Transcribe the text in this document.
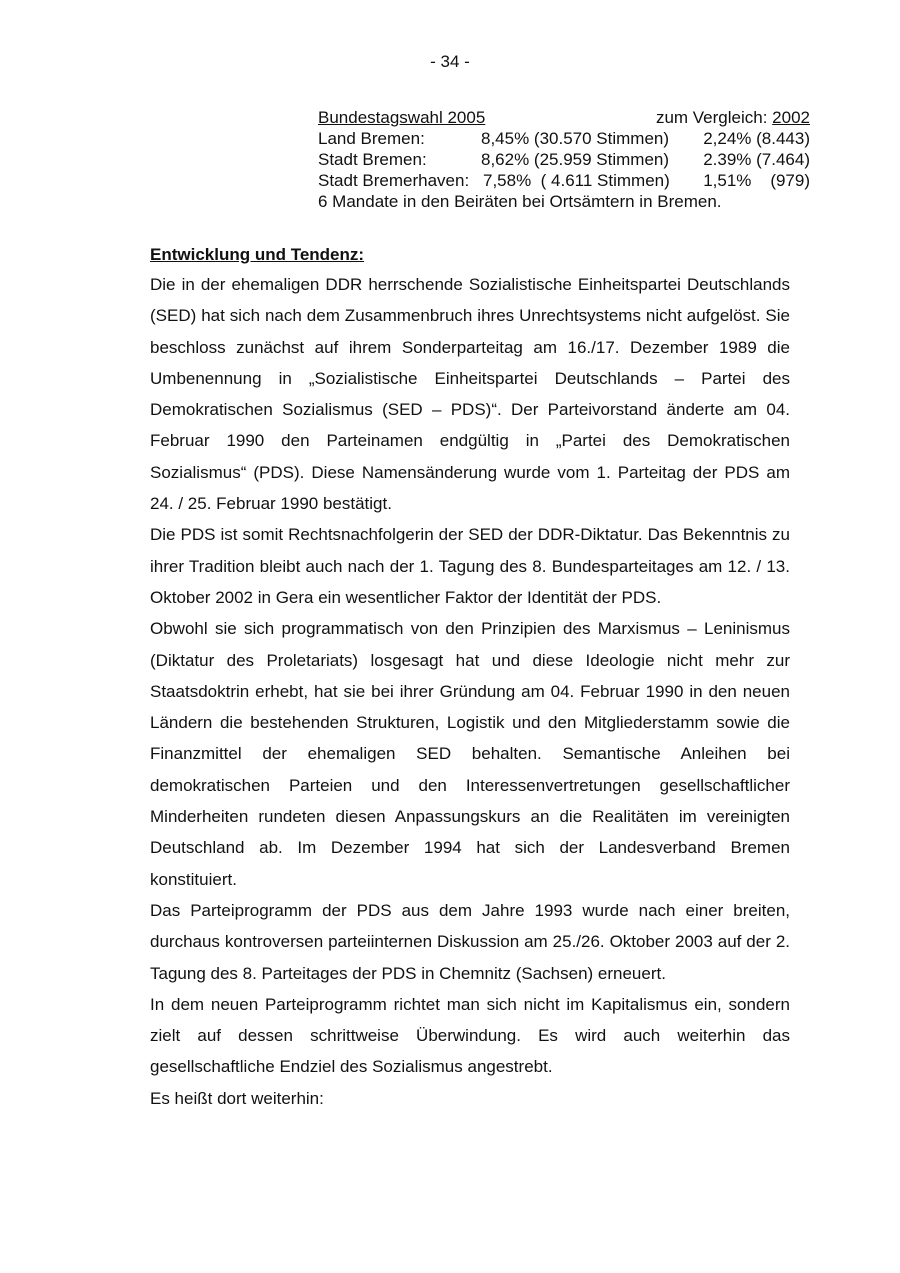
- 34 -
Bundestagswahl 2005	zum Vergleich: 2002
Land Bremen:	8,45% (30.570 Stimmen)	2,24% (8.443)
Stadt Bremen:	8,62% (25.959 Stimmen)	2.39% (7.464)
Stadt Bremerhaven: 7,58%  ( 4.611 Stimmen)	1,51%    (979)
6 Mandate in den Beiräten bei Ortsämtern in Bremen.
Entwicklung und Tendenz:

Die in der ehemaligen DDR herrschende Sozialistische Einheitspartei Deutschlands (SED) hat sich nach dem Zusammenbruch ihres Unrechtsystems nicht aufgelöst. Sie beschloss zunächst auf ihrem Sonderparteitag am 16./17. Dezember 1989 die Umbenennung in „Sozialistische Einheitspartei Deutschlands – Partei des Demokratischen Sozialismus (SED – PDS)“. Der Parteivorstand änderte am 04. Februar 1990 den Parteinamen endgültig in „Partei des Demokratischen Sozialismus“ (PDS). Diese Namensänderung wurde vom 1. Parteitag der PDS am 24. / 25. Februar 1990 bestätigt.

Die PDS ist somit Rechtsnachfolgerin der SED der DDR-Diktatur. Das Bekenntnis zu ihrer Tradition bleibt auch nach der 1. Tagung des 8. Bundesparteitages am 12. / 13. Oktober 2002 in Gera ein wesentlicher Faktor der Identität der PDS.

Obwohl sie sich programmatisch von den Prinzipien des Marxismus – Leninismus (Diktatur des Proletariats) losgesagt hat und diese Ideologie nicht mehr zur Staatsdoktrin erhebt, hat sie bei ihrer Gründung am 04. Februar 1990 in den neuen Ländern die bestehenden Strukturen, Logistik und den Mitgliederstamm sowie die Finanzmittel der ehemaligen SED behalten. Semantische Anleihen bei demokratischen Parteien und den Interessenvertretungen gesellschaftlicher Minderheiten rundeten diesen Anpassungskurs an die Realitäten im vereinigten Deutschland ab. Im Dezember 1994 hat sich der Landesverband Bremen konstituiert.

Das Parteiprogramm der PDS aus dem Jahre 1993 wurde nach einer breiten, durchaus kontroversen parteiinternen Diskussion am 25./26. Oktober 2003 auf der 2. Tagung des 8. Parteitages der PDS in Chemnitz (Sachsen) erneuert.

In dem neuen Parteiprogramm richtet man sich nicht im Kapitalismus ein, sondern zielt auf dessen schrittweise Überwindung. Es wird auch weiterhin das gesellschaftliche Endziel des Sozialismus angestrebt.

Es heißt dort weiterhin:
